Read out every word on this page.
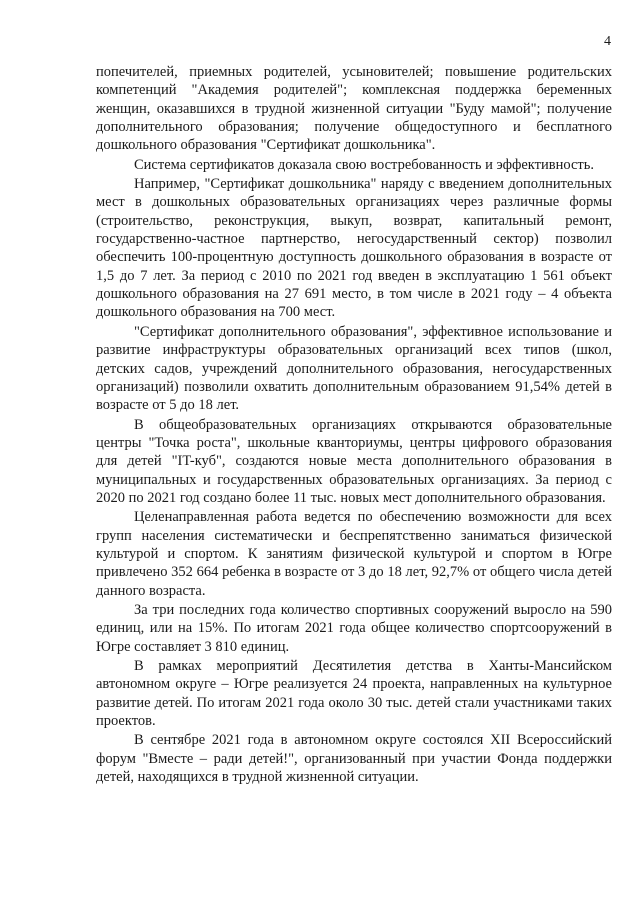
4

попечителей, приемных родителей, усыновителей; повышение родительских компетенций "Академия родителей"; комплексная поддержка беременных женщин, оказавшихся в трудной жизненной ситуации "Буду мамой"; получение дополнительного образования; получение общедоступного и бесплатного дошкольного образования "Сертификат дошкольника".

Система сертификатов доказала свою востребованность и эффективность.

Например, "Сертификат дошкольника" наряду с введением дополнительных мест в дошкольных образовательных организациях через различные формы (строительство, реконструкция, выкуп, возврат, капитальный ремонт, государственно-частное партнерство, негосударственный сектор) позволил обеспечить 100-процентную доступность дошкольного образования в возрасте от 1,5 до 7 лет. За период с 2010 по 2021 год введен в эксплуатацию 1 561 объект дошкольного образования на 27 691 место, в том числе в 2021 году – 4 объекта дошкольного образования на 700 мест.

"Сертификат дополнительного образования", эффективное использование и развитие инфраструктуры образовательных организаций всех типов (школ, детских садов, учреждений дополнительного образования, негосударственных организаций) позволили охватить дополнительным образованием 91,54% детей в возрасте от 5 до 18 лет.

В общеобразовательных организациях открываются образовательные центры "Точка роста", школьные кванториумы, центры цифрового образования для детей "IT-куб", создаются новые места дополнительного образования в муниципальных и государственных образовательных организациях. За период с 2020 по 2021 год создано более 11 тыс. новых мест дополнительного образования.

Целенаправленная работа ведется по обеспечению возможности для всех групп населения систематически и беспрепятственно заниматься физической культурой и спортом. К занятиям физической культурой и спортом в Югре привлечено 352 664 ребенка в возрасте от 3 до 18 лет, 92,7% от общего числа детей данного возраста.

За три последних года количество спортивных сооружений выросло на 590 единиц, или на 15%. По итогам 2021 года общее количество спортсооружений в Югре составляет 3 810 единиц.

В рамках мероприятий Десятилетия детства в Ханты-Мансийском автономном округе – Югре реализуется 24 проекта, направленных на культурное развитие детей. По итогам 2021 года около 30 тыс. детей стали участниками таких проектов.

В сентябре 2021 года в автономном округе состоялся XII Всероссийский форум "Вместе – ради детей!", организованный при участии Фонда поддержки детей, находящихся в трудной жизненной ситуации.
